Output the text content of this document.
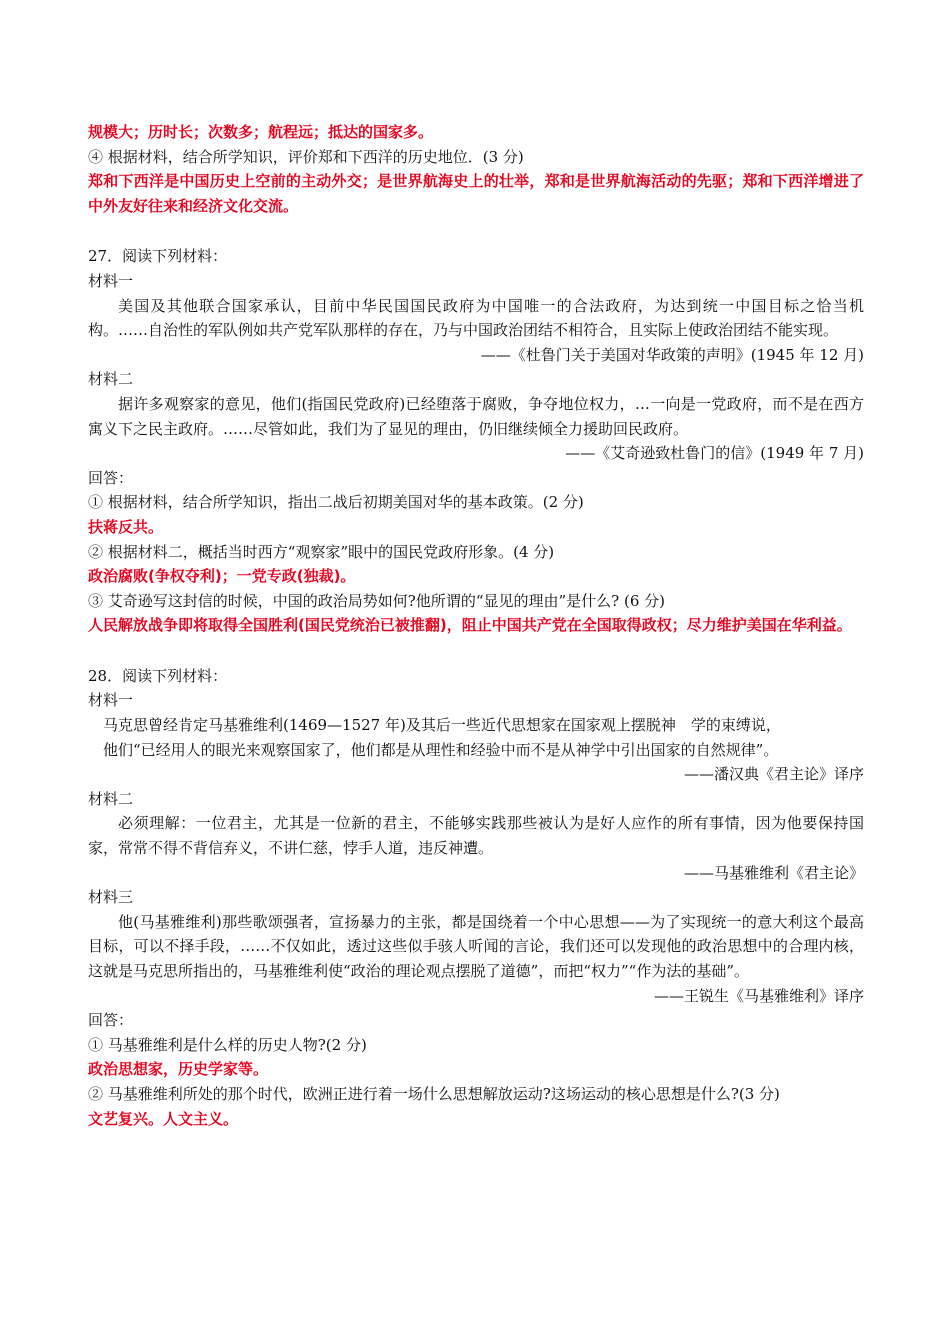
规模大；历时长；次数多；航程远；抵达的国家多。
④ 根据材料，结合所学知识，评价郑和下西洋的历史地位．(3 分)
郑和下西洋是中国历史上空前的主动外交；是世界航海史上的壮举，郑和是世界航海活动的先驱；郑和下西洋增进了中外友好往来和经济文化交流。
27．阅读下列材料：
材料一
美国及其他联合国家承认，目前中华民国国民政府为中国唯一的合法政府，为达到统一中国目标之恰当机构。……自治性的军队例如共产党军队那样的存在，乃与中国政治团结不相符合，且实际上使政治团结不能实现。
——《杜鲁门关于美国对华政策的声明》(1945 年 12 月)
材料二
据许多观察家的意见，他们(指国民党政府)已经堕落于腐败，争夺地位权力，…一向是一党政府，而不是在西方寓义下之民主政府。……尽管如此，我们为了显见的理由，仍旧继续倾全力援助回民政府。
——《艾奇逊致杜鲁门的信》(1949 年 7 月)
回答：
① 根据材料，结合所学知识，指出二战后初期美国对华的基本政策。(2 分)
扶蒋反共。
② 根据材料二，概括当时西方“观察家”眼中的国民党政府形象。(4 分)
政治腐败(争权夺利)；一党专政(独裁)。
③ 艾奇逊写这封信的时候，中国的政治局势如何?他所谓的“显见的理由”是什么? (6 分)
人民解放战争即将取得全国胜利(国民党统治已被推翻)，阻止中国共产党在全国取得政权；尽力维护美国在华利益。
28．阅读下列材料：
材料一
马克思曾经肯定马基雅维利(1469—1527 年)及其后一些近代思想家在国家观上摆脱神　学的束缚说，
他们“已经用人的眼光来观察国家了，他们都是从理性和经验中而不是从神学中引出国家的自然规律”。
——潘汉典《君主论》译序
材料二
必须理解：一位君主，尤其是一位新的君主，不能够实践那些被认为是好人应作的所有事情，因为他要保持国家，常常不得不背信弃义，不讲仁慈，悖手人道，违反神遭。
——马基雅维利《君主论》
材料三
他(马基雅维利)那些歌颂强者，宣扬暴力的主张，都是国绕着一个中心思想——为了实现统一的意大利这个最高目标，可以不择手段，……不仅如此，透过这些似手骇人听闻的言论，我们还可以发现他的政治思想中的合理内核，这就是马克思所指出的，马基雅维利使“政治的理论观点摆脱了道德”，而把“权力”“作为法的基础”。
——王锐生《马基雅维利》译序
回答：
① 马基雅维利是什么样的历史人物?(2 分)
政治思想家，历史学家等。
② 马基雅维利所处的那个时代，欧洲正进行着一场什么思想解放运动?这场运动的核心思想是什么?(3 分)
文艺复兴。人文主义。
